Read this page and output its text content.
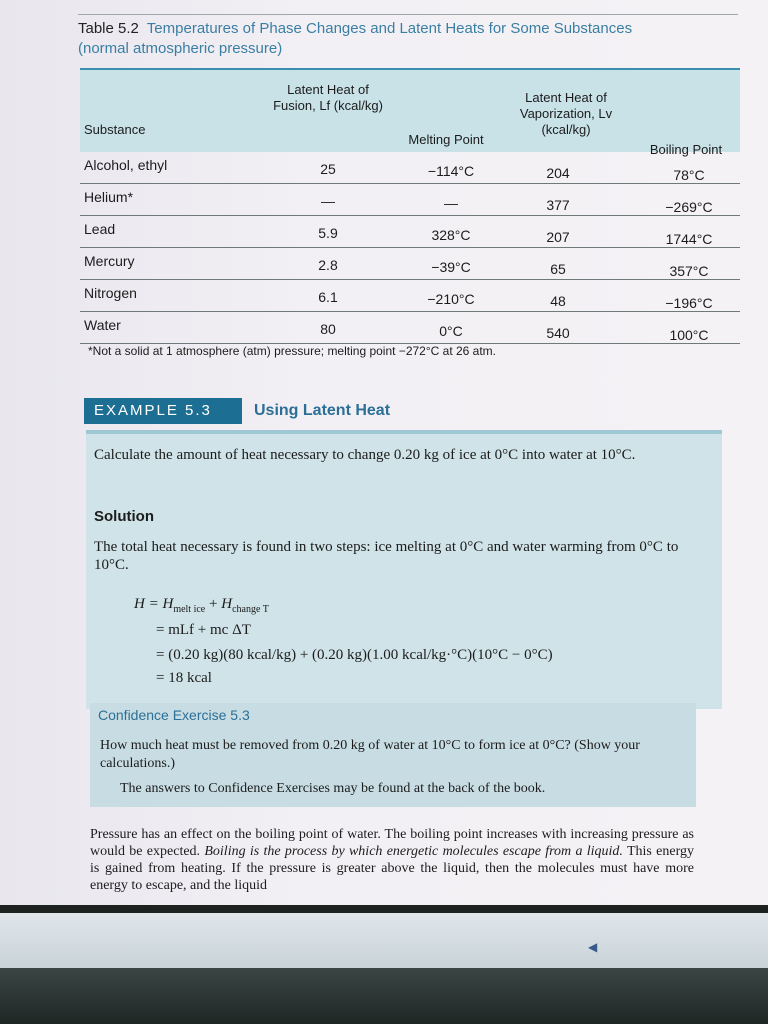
Table 5.2 Temperatures of Phase Changes and Latent Heats for Some Substances
(normal atmospheric pressure)
Substance
Latent Heat of Fusion, Lf (kcal/kg)
Melting Point
Latent Heat of Vaporization, Lv (kcal/kg)
Boiling Point
Alcohol, ethyl	25	−114°C	204	78°C
Helium*	—	—	377	−269°C
Lead	5.9	328°C	207	1744°C
Mercury	2.8	−39°C	65	357°C
Nitrogen	6.1	−210°C	48	−196°C
Water	80	0°C	540	100°C
*Not a solid at 1 atmosphere (atm) pressure; melting point −272°C at 26 atm.
EXAMPLE 5.3	Using Latent Heat
Calculate the amount of heat necessary to change 0.20 kg of ice at 0°C into water at 10°C.
Solution
The total heat necessary is found in two steps: ice melting at 0°C and water warming from 0°C to 10°C.
$H = H_{melt ice} + H_{change T}$
= mLf + mc ΔT
= (0.20 kg)(80 kcal/kg) + (0.20 kg)(1.00 kcal/kg·°C)(10°C − 0°C)
= 18 kcal
Confidence Exercise 5.3
How much heat must be removed from 0.20 kg of water at 10°C to form ice at 0°C? (Show your calculations.)
The answers to Confidence Exercises may be found at the back of the book.
Pressure has an effect on the boiling point of water. The boiling point increases with increasing pressure as would be expected. Boiling is the process by which energetic molecules escape from a liquid. This energy is gained from heating. If the pressure is greater above the liquid, then the molecules must have more energy to escape, and the liquid
◀
